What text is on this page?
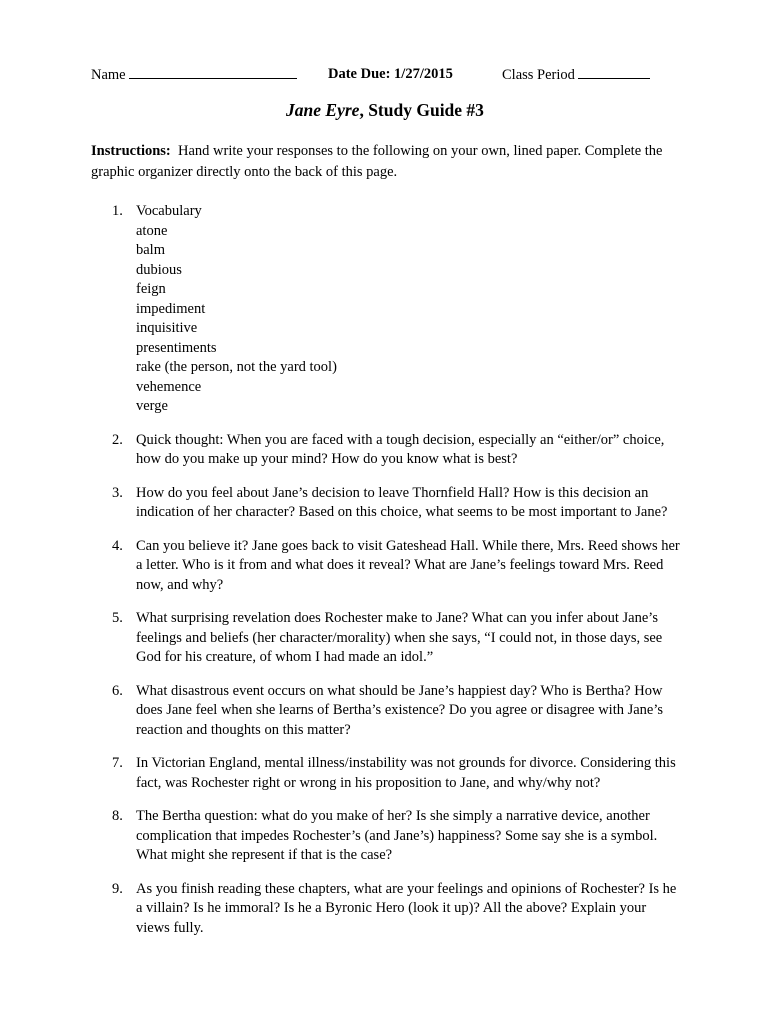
Name	Date Due: 1/27/2015	Class Period
Jane Eyre, Study Guide #3
Instructions: Hand write your responses to the following on your own, lined paper. Complete the graphic organizer directly onto the back of this page.
1. Vocabulary
atone
balm
dubious
feign
impediment
inquisitive
presentiments
rake (the person, not the yard tool)
vehemence
verge
2. Quick thought: When you are faced with a tough decision, especially an “either/or” choice, how do you make up your mind? How do you know what is best?
3. How do you feel about Jane’s decision to leave Thornfield Hall? How is this decision an indication of her character? Based on this choice, what seems to be most important to Jane?
4. Can you believe it? Jane goes back to visit Gateshead Hall. While there, Mrs. Reed shows her a letter. Who is it from and what does it reveal? What are Jane’s feelings toward Mrs. Reed now, and why?
5. What surprising revelation does Rochester make to Jane? What can you infer about Jane’s feelings and beliefs (her character/morality) when she says, “I could not, in those days, see God for his creature, of whom I had made an idol.”
6. What disastrous event occurs on what should be Jane’s happiest day? Who is Bertha? How does Jane feel when she learns of Bertha’s existence? Do you agree or disagree with Jane’s reaction and thoughts on this matter?
7. In Victorian England, mental illness/instability was not grounds for divorce. Considering this fact, was Rochester right or wrong in his proposition to Jane, and why/why not?
8. The Bertha question: what do you make of her? Is she simply a narrative device, another complication that impedes Rochester’s (and Jane’s) happiness? Some say she is a symbol. What might she represent if that is the case?
9. As you finish reading these chapters, what are your feelings and opinions of Rochester? Is he a villain? Is he immoral? Is he a Byronic Hero (look it up)? All the above? Explain your views fully.
